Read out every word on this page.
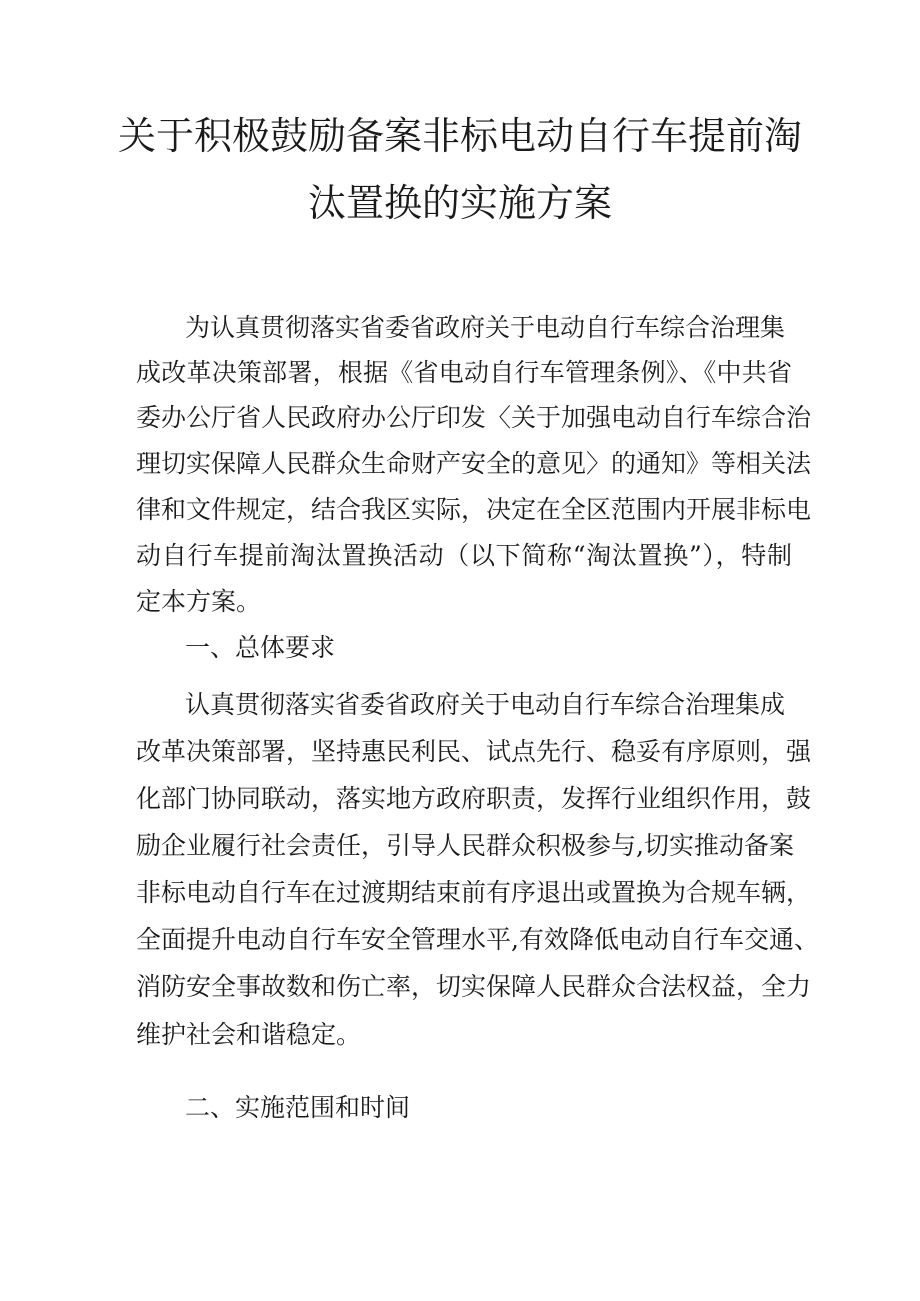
关于积极鼓励备案非标电动自行车提前淘
汰置换的实施方案

为认真贯彻落实省委省政府关于电动自行车综合治理集

成改革决策部署，根据《省电动自行车管理条例》、《中共省

委办公厅省人民政府办公厅印发〈关于加强电动自行车综合治

理切实保障人民群众生命财产安全的意见〉的通知》等相关法

律和文件规定，结合我区实际，决定在全区范围内开展非标电

动自行车提前淘汰置换活动（以下简称“淘汰置换”），特制

定本方案。

一、总体要求

认真贯彻落实省委省政府关于电动自行车综合治理集成

改革决策部署，坚持惠民利民、试点先行、稳妥有序原则，强

化部门协同联动，落实地方政府职责，发挥行业组织作用，鼓

励企业履行社会责任，引导人民群众积极参与,切实推动备案

非标电动自行车在过渡期结束前有序退出或置换为合规车辆，

全面提升电动自行车安全管理水平,有效降低电动自行车交通、

消防安全事故数和伤亡率，切实保障人民群众合法权益，全力

维护社会和谐稳定。

二、实施范围和时间
